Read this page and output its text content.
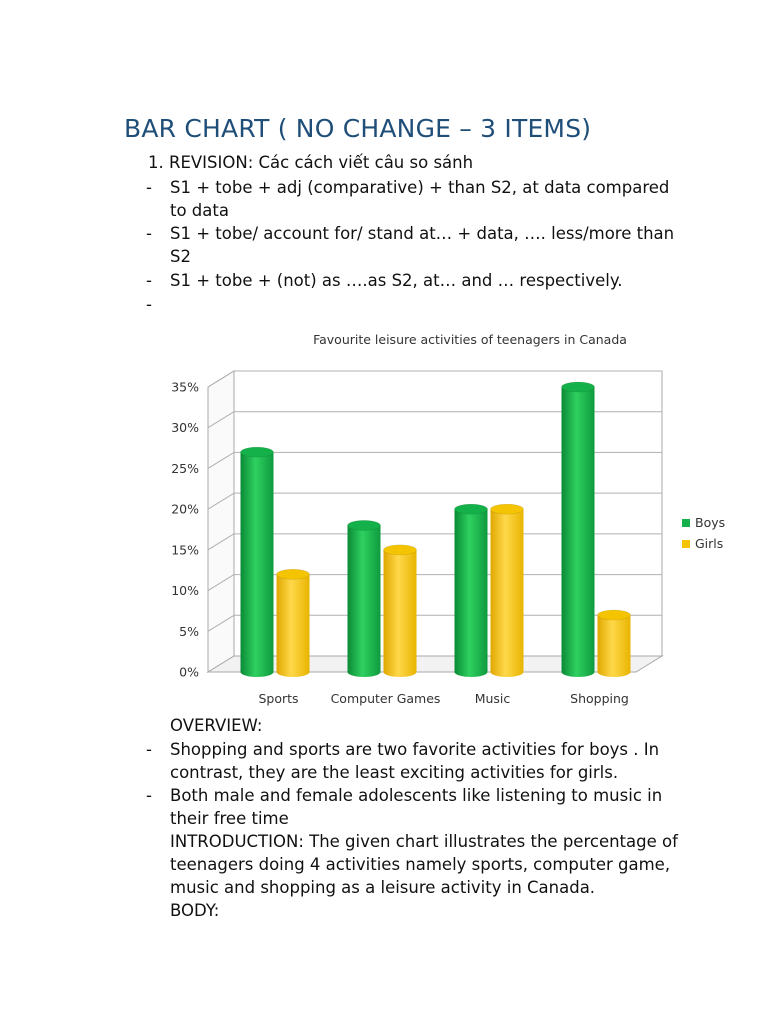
BAR CHART ( NO CHANGE – 3 ITEMS)
1. REVISION: Các cách viết câu so sánh
- S1 + tobe + adj (comparative) + than S2, at data compared
to data
- S1 + tobe/ account for/ stand at… + data, …. less/more than
S2
- S1 + tobe + (not) as ….as S2, at… and … respectively.
-
Favourite leisure activities of teenagers in Canada
0%
5%
10%
15%
20%
25%
30%
35%
Sports	Computer Games	Music	Shopping
Boys
Girls
OVERVIEW:
- Shopping and sports are two favorite activities for boys . In
contrast, they are the least exciting activities for girls.
- Both male and female adolescents like listening to music in
their free time
INTRODUCTION: The given chart illustrates the percentage of
teenagers doing 4 activities namely sports, computer game,
music and shopping as a leisure activity in Canada.
BODY:
